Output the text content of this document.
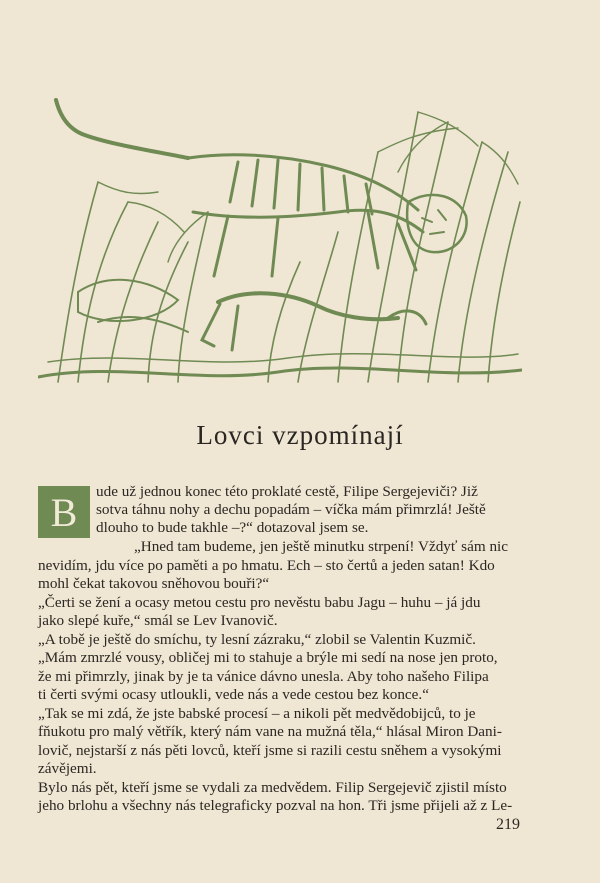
Lovci vzpomínají
B	ude už jednou konec této proklaté cestě, Filipe Sergejeviči? Již
sotva táhnu nohy a dechu popadám – víčka mám přimrzlá! Ještě
dlouho to bude takhle –?“ dotazoval jsem se.
„Hned tam budeme, jen ještě minutku strpení! Vždyť sám nic
nevidím, jdu více po paměti a po hmatu. Ech – sto čertů a jeden satan! Kdo
mohl čekat takovou sněhovou bouři?“
„Čerti se žení a ocasy metou cestu pro nevěstu babu Jagu – huhu – já jdu
jako slepé kuře,“ smál se Lev Ivanovič.
„A tobě je ještě do smíchu, ty lesní zázraku,“ zlobil se Valentin Kuzmič.
„Mám zmrzlé vousy, obličej mi to stahuje a brýle mi sedí na nose jen proto,
že mi přimrzly, jinak by je ta vánice dávno unesla. Aby toho našeho Filipa
ti čerti svými ocasy utloukli, vede nás a vede cestou bez konce.“
„Tak se mi zdá, že jste babské procesí – a nikoli pět medvědobijců, to je
fňukotu pro malý větřík, který nám vane na mužná těla,“ hlásal Miron Dani-
lovič, nejstarší z nás pěti lovců, kteří jsme si razili cestu sněhem a vysokými
závějemi.
Bylo nás pět, kteří jsme se vydali za medvědem. Filip Sergejevič zjistil místo
jeho brlohu a všechny nás telegraficky pozval na hon. Tři jsme přijeli až z Le-
219
